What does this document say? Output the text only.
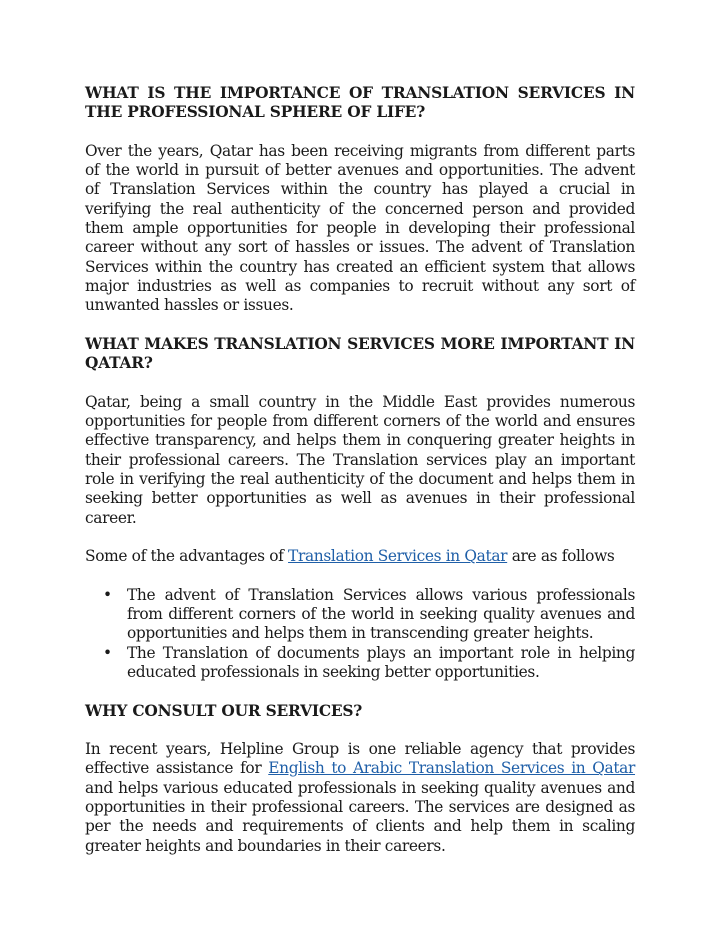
WHAT IS THE IMPORTANCE OF TRANSLATION SERVICES IN THE PROFESSIONAL SPHERE OF LIFE?
Over the years, Qatar has been receiving migrants from different parts of the world in pursuit of better avenues and opportunities. The advent of Translation Services within the country has played a crucial in verifying the real authenticity of the concerned person and provided them ample opportunities for people in developing their professional career without any sort of hassles or issues. The advent of Translation Services within the country has created an efficient system that allows major industries as well as companies to recruit without any sort of unwanted hassles or issues.
WHAT MAKES TRANSLATION SERVICES MORE IMPORTANT IN QATAR?
Qatar, being a small country in the Middle East provides numerous opportunities for people from different corners of the world and ensures effective transparency, and helps them in conquering greater heights in their professional careers. The Translation services play an important role in verifying the real authenticity of the document and helps them in seeking better opportunities as well as avenues in their professional career.
Some of the advantages of Translation Services in Qatar are as follows
• The advent of Translation Services allows various professionals from different corners of the world in seeking quality avenues and opportunities and helps them in transcending greater heights.
• The Translation of documents plays an important role in helping educated professionals in seeking better opportunities.
WHY CONSULT OUR SERVICES?
In recent years, Helpline Group is one reliable agency that provides effective assistance for English to Arabic Translation Services in Qatar and helps various educated professionals in seeking quality avenues and opportunities in their professional careers. The services are designed as per the needs and requirements of clients and help them in scaling greater heights and boundaries in their careers.
